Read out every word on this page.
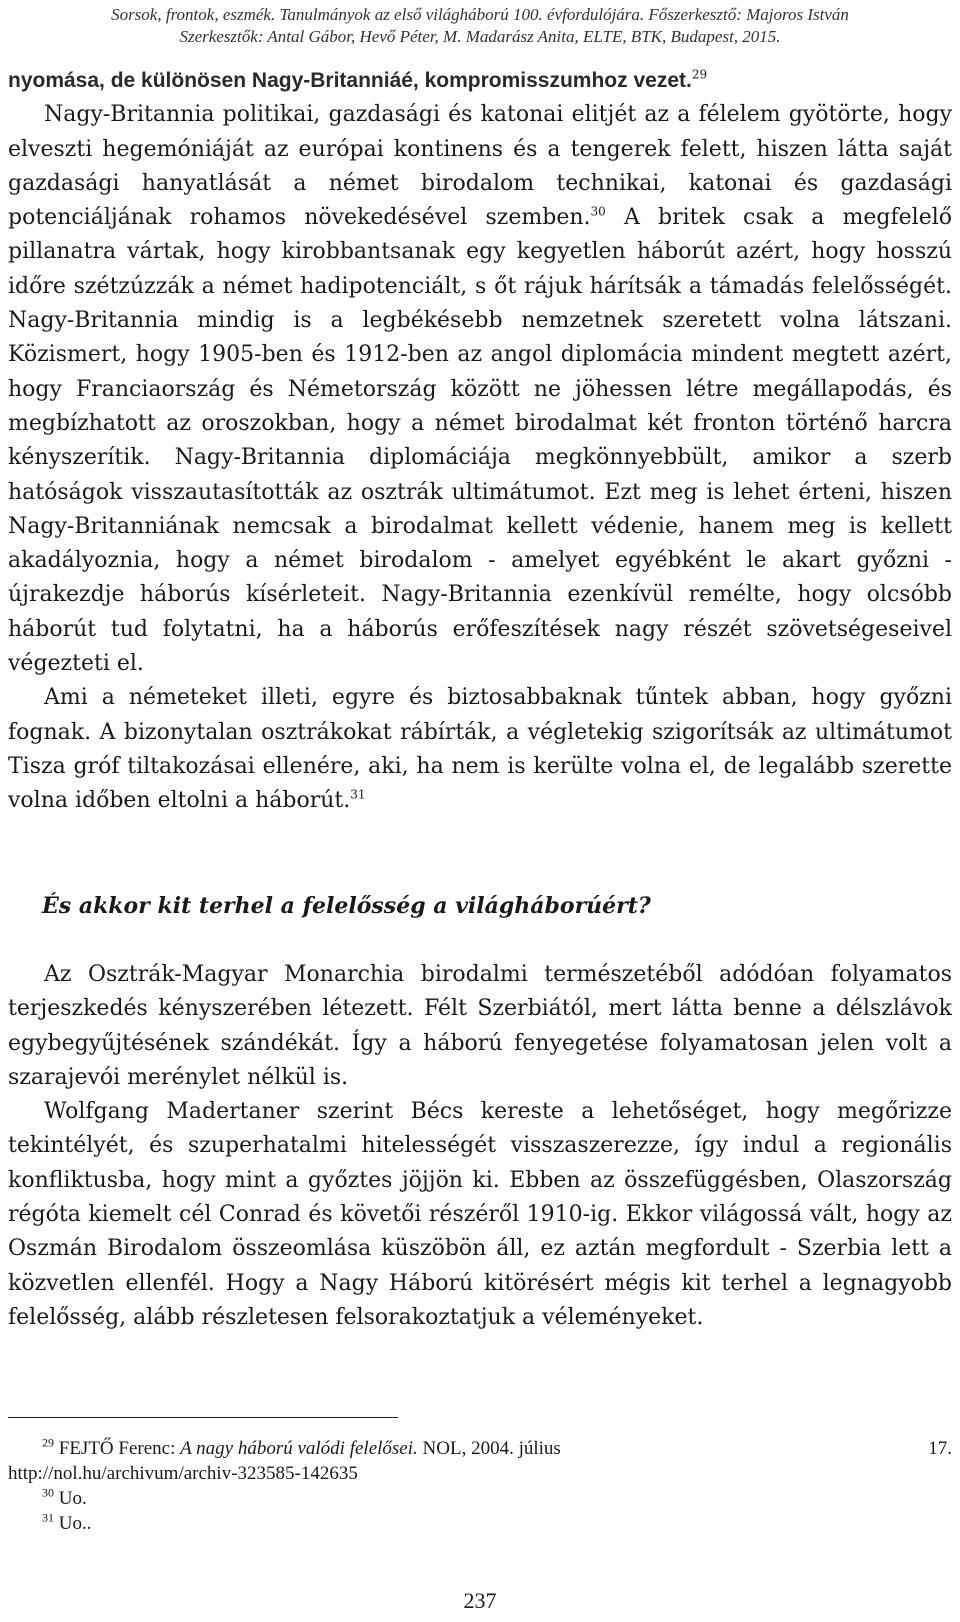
Sorsok, frontok, eszmék. Tanulmányok az első világháború 100. évfordulójára. Főszerkesztő: Majoros István
Szerkesztők: Antal Gábor, Hevő Péter, M. Madarász Anita, ELTE, BTK, Budapest, 2015.

nyomása, de különösen Nagy-Britanniáé, kompromisszumhoz vezet.$^{29}$

Nagy-Britannia politikai, gazdasági és katonai elitjét az a félelem gyötörte, hogy elveszti hegemóniáját az európai kontinens és a tengerek felett, hiszen látta saját gazdasági hanyatlását a német birodalom technikai, katonai és gazdasági potenciáljának rohamos növekedésével szemben.$^{30}$ A britek csak a megfelelő pillanatra vártak, hogy kirobbantsanak egy kegyetlen háborút azért, hogy hosszú időre szétzúzzák a német hadipotenciált, s őt rájuk hárítsák a támadás felelősségét. Nagy-Britannia mindig is a legbékésebb nemzetnek szeretett volna látszani. Közismert, hogy 1905-ben és 1912-ben az angol diplomácia mindent megtett azért, hogy Franciaország és Németország között ne jöhessen létre megállapodás, és megbízhatott az oroszokban, hogy a német birodalmat két fronton történő harcra kényszerítik. Nagy-Britannia diplomáciája megkönnyebbült, amikor a szerb hatóságok visszautasították az osztrák ultimátumot. Ezt meg is lehet érteni, hiszen Nagy-Britanniának nemcsak a birodalmat kellett védenie, hanem meg is kellett akadályoznia, hogy a német birodalom - amelyet egyébként le akart győzni - újrakezdje háborús kísérleteit. Nagy-Britannia ezenkívül remélte, hogy olcsóbb háborút tud folytatni, ha a háborús erőfeszítések nagy részét szövetségeseivel végezteti el.

Ami a németeket illeti, egyre és biztosabbaknak tűntek abban, hogy győzni fognak. A bizonytalan osztrákokat rábírták, a végletekig szigorítsák az ultimátumot Tisza gróf tiltakozásai ellenére, aki, ha nem is kerülte volna el, de legalább szerette volna időben eltolni a háborút.$^{31}$

És akkor kit terhel a felelősség a világháborúért?

Az Osztrák-Magyar Monarchia birodalmi természetéből adódóan folyamatos terjeszkedés kényszerében létezett. Félt Szerbiától, mert látta benne a délszlávok egybegyűjtésének szándékát. Így a háború fenyegetése folyamatosan jelen volt a szarajevói merénylet nélkül is.

Wolfgang Madertaner szerint Bécs kereste a lehetőséget, hogy megőrizze tekintélyét, és szuperhatalmi hitelességét visszaszerezze, így indul a regionális konfliktusba, hogy mint a győztes jöjjön ki. Ebben az összefüggésben, Olaszország régóta kiemelt cél Conrad és követői részéről 1910-ig. Ekkor világossá vált, hogy az Oszmán Birodalom összeomlása küszöbön áll, ez aztán megfordult - Szerbia lett a közvetlen ellenfél. Hogy a Nagy Háború kitörésért mégis kit terhel a legnagyobb felelősség, alább részletesen felsorakoztatjuk a véleményeket.

$^{29}$ FEJTŐ Ferenc: A nagy háború valódi felelősei. NOL, 2004. július	17.
http://nol.hu/archivum/archiv-323585-142635
$^{30}$ Uo.
$^{31}$ Uo..
237
